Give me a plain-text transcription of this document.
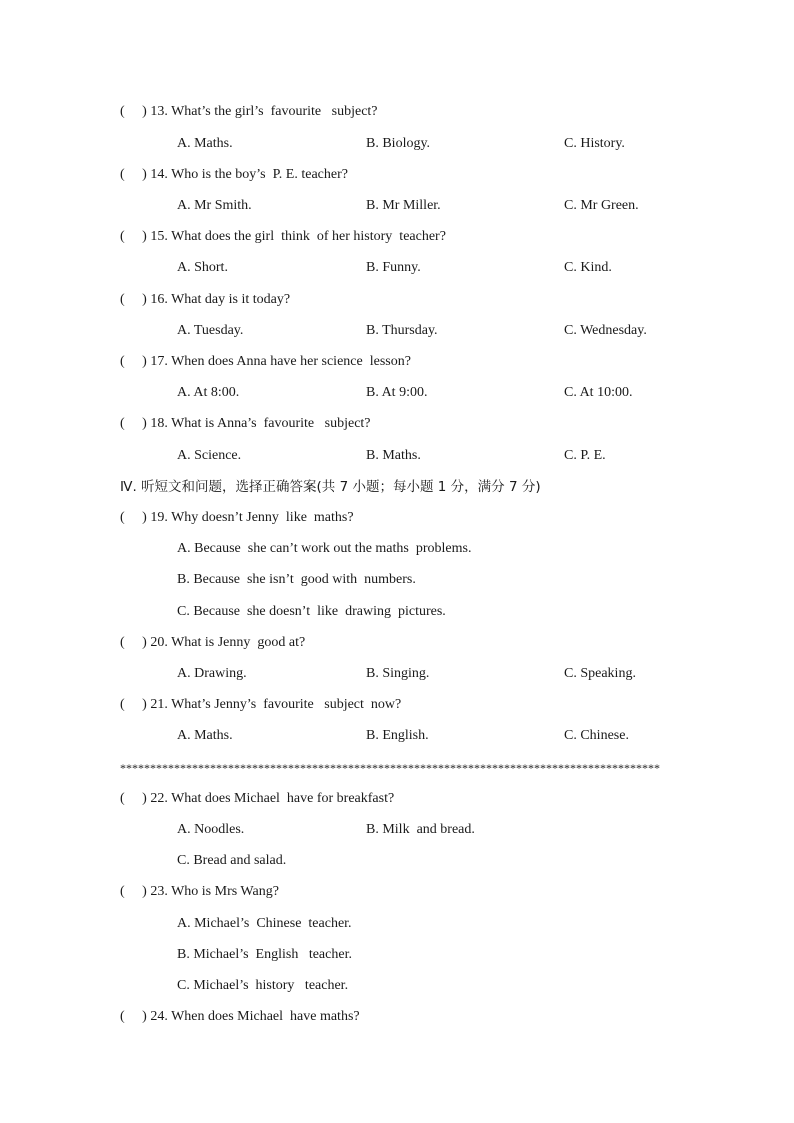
(     ) 13. What’s the girl’s  favourite   subject?
A. Maths.	B. Biology.	C. History.
(     ) 14. Who is the boy’s  P. E. teacher?
A. Mr Smith.	B. Mr Miller.	C. Mr Green.
(     ) 15. What does the girl  think  of her history  teacher?
A. Short.	B. Funny.	C. Kind.
(     ) 16. What day is it today?
A. Tuesday.	B. Thursday.	C. Wednesday.
(     ) 17. When does Anna have her science  lesson?
A. At 8:00.	B. At 9:00.	C. At 10:00.
(     ) 18. What is Anna’s  favourite   subject?
A. Science.	B. Maths.	C. P. E.
Ⅳ. 听短文和问题，选择正确答案(共 7 小题；每小题 1 分，满分 7 分)
(     ) 19. Why doesn’t Jenny  like  maths?
A. Because  she can’t work out the maths  problems.
B. Because  she isn’t  good with  numbers.
C. Because  she doesn’t  like  drawing  pictures.
(     ) 20. What is Jenny  good at?
A. Drawing.	B. Singing.	C. Speaking.
(     ) 21. What’s Jenny’s  favourite   subject  now?
A. Maths.	B. English.	C. Chinese.
******************************************************************************************
(     ) 22. What does Michael  have for breakfast?
A. Noodles.	B. Milk  and bread.
C. Bread and salad.
(     ) 23. Who is Mrs Wang?
A. Michael’s  Chinese  teacher.
B. Michael’s  English   teacher.
C. Michael’s  history   teacher.
(     ) 24. When does Michael  have maths?
